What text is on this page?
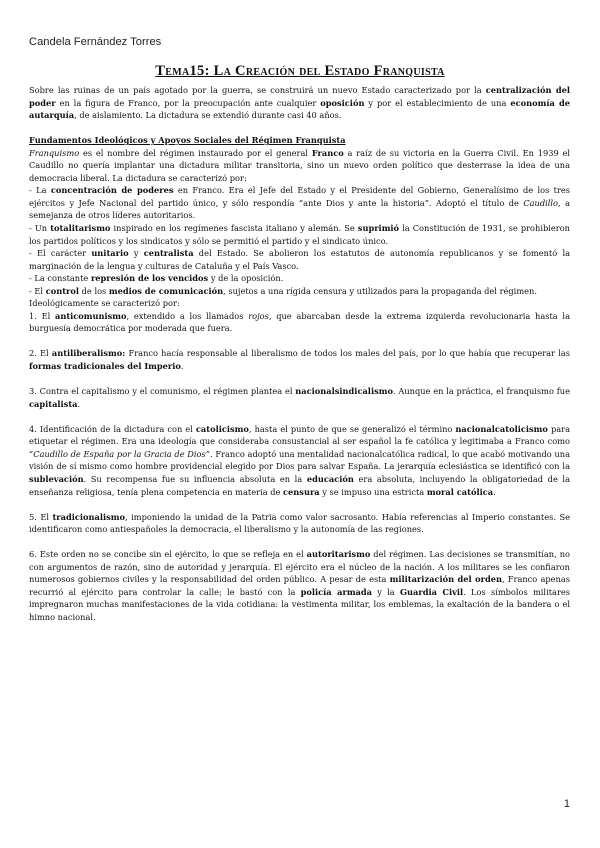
Candela Fernández Torres
Tema15: La Creación del Estado Franquista

Sobre las ruinas de un país agotado por la guerra, se construirá un nuevo Estado caracterizado por la centralización del poder en la figura de Franco, por la preocupación ante cualquier oposición y por el establecimiento de una economía de autarquía, de aislamiento. La dictadura se extendió durante casi 40 años.

Fundamentos Ideológicos y Apoyos Sociales del Régimen Franquista

Franquismo es el nombre del régimen instaurado por el general Franco a raíz de su victoria en la Guerra Civil. En 1939 el Caudillo no quería implantar una dictadura militar transitoria, sino un nuevo orden político que desterrase la idea de una democracia liberal. La dictadura se caracterizó por:

- La concentración de poderes en Franco. Era el Jefe del Estado y el Presidente del Gobierno, Generalísimo de los tres ejércitos y Jefe Nacional del partido único, y sólo respondía “ante Dios y ante la historia”. Adoptó el título de Caudillo, a semejanza de otros líderes autoritarios.

- Un totalitarismo inspirado en los regímenes fascista italiano y alemán. Se suprimió la Constitución de 1931, se prohibieron los partidos políticos y los sindicatos y sólo se permitió el partido y el sindicato único.

- El carácter unitario y centralista del Estado. Se abolieron los estatutos de autonomía republicanos y se fomentó la marginación de la lengua y culturas de Cataluña y el País Vasco.

- La constante represión de los vencidos y de la oposición.

- El control de los medios de comunicación, sujetos a una rígida censura y utilizados para la propaganda del régimen.

Ideológicamente se caracterizó por:

1. El anticomunismo, extendido a los llamados rojos, que abarcaban desde la extrema izquierda revolucionaria hasta la burguesía democrática por moderada que fuera.

2. El antiliberalismo: Franco hacía responsable al liberalismo de todos los males del país, por lo que había que recuperar las formas tradicionales del Imperio.

3. Contra el capitalismo y el comunismo, el régimen plantea el nacionalsindicalismo. Aunque en la práctica, el franquismo fue capitalista.

4. Identificación de la dictadura con el catolicismo, hasta el punto de que se generalizó el término nacionalcatolicismo para etiquetar el régimen. Era una ideología que consideraba consustancial al ser español la fe católica y legitimaba a Franco como “Caudillo de España por la Gracia de Dios”. Franco adoptó una mentalidad nacionalcatólica radical, lo que acabó motivando una visión de sí mismo como hombre providencial elegido por Dios para salvar España. La jerarquía eclesiástica se identificó con la sublevación. Su recompensa fue su influencia absoluta en la educación era absoluta, incluyendo la obligatoriedad de la enseñanza religiosa, tenía plena competencia en materia de censura y se impuso una estricta moral católica.

5. El tradicionalismo, imponiendo la unidad de la Patria como valor sacrosanto. Había referencias al Imperio constantes. Se identificaron como antiespañoles la democracia, el liberalismo y la autonomía de las regiones.

6. Este orden no se concibe sin el ejército, lo que se refleja en el autoritarismo del régimen. Las decisiones se transmitían, no con argumentos de razón, sino de autoridad y jerarquía. El ejército era el núcleo de la nación. A los militares se les confiaron numerosos gobiernos civiles y la responsabilidad del orden público. A pesar de esta militarización del orden, Franco apenas recurrió al ejército para controlar la calle; le bastó con la policía armada y la Guardia Civil. Los símbolos militares impregnaron muchas manifestaciones de la vida cotidiana: la vestimenta militar, los emblemas, la exaltación de la bandera o el himno nacional.

1
